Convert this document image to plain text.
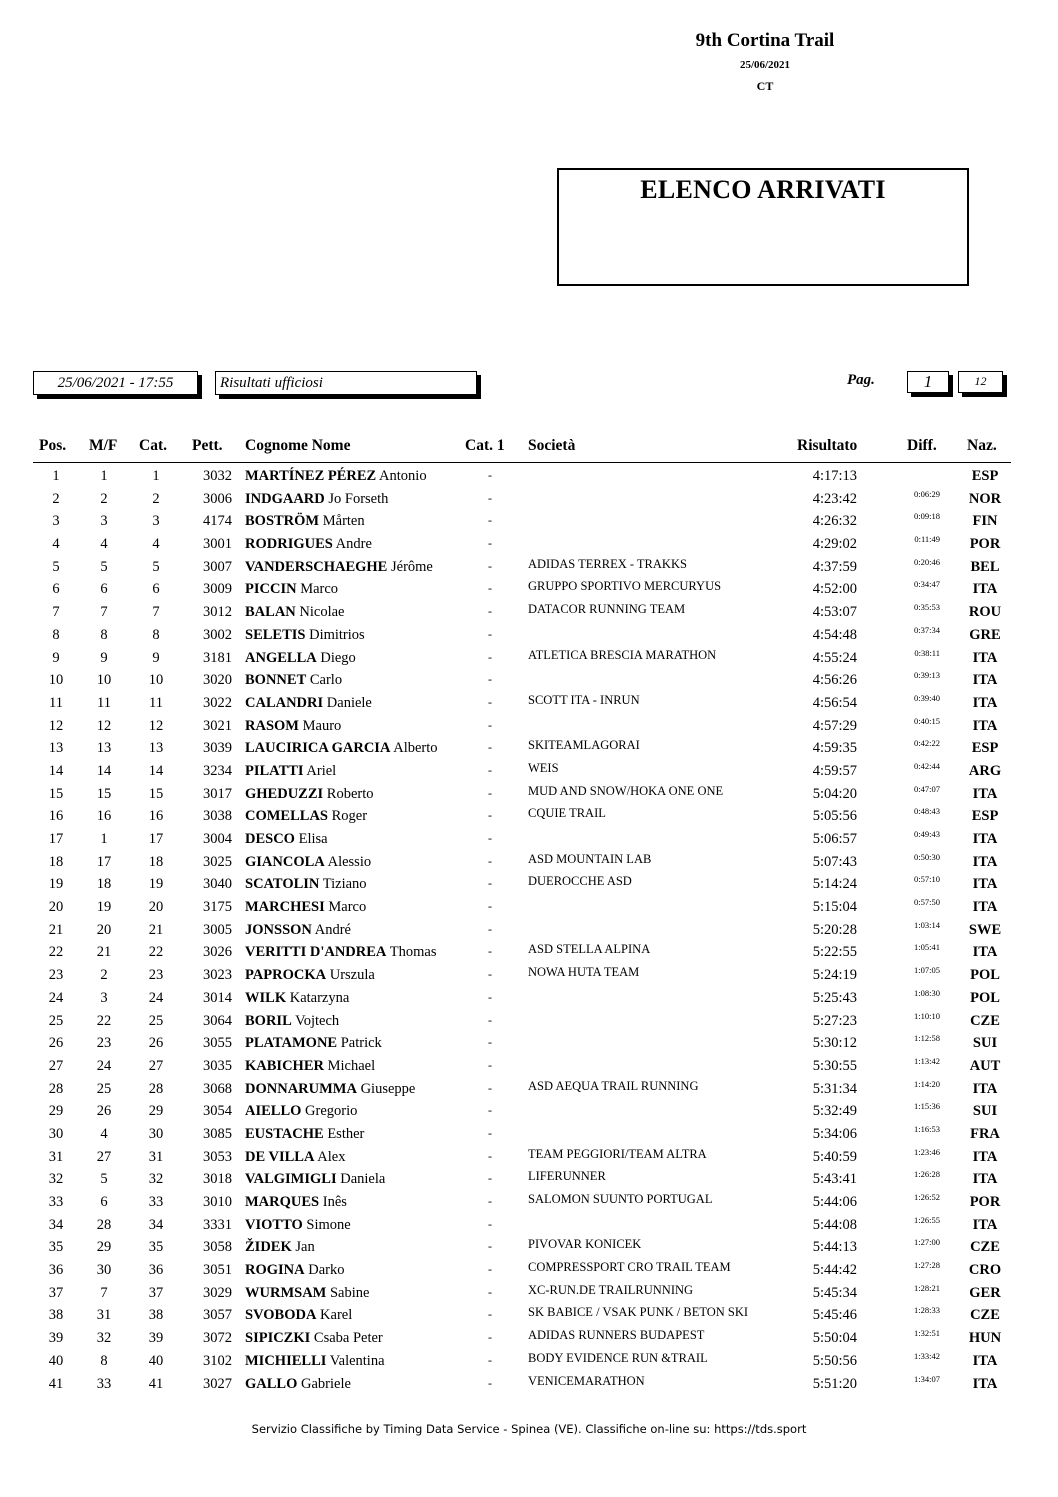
9th Cortina Trail
25/06/2021
CT
ELENCO ARRIVATI
25/06/2021 - 17:55	Risultati ufficiosi	Pag.	1	12
Pos. M/F Cat. Pett. Cognome Nome	Cat. 1 Società	Risultato	Diff. Naz.
1	1	1	3032 MARTÍNEZ PÉREZ Antonio	-	4:17:13	ESP
2	2	2	3006 INDGAARD Jo Forseth	-	4:23:42	0:06:29	NOR
3	3	3	4174 BOSTRÖM Mårten	-	4:26:32	0:09:18	FIN
4	4	4	3001 RODRIGUES Andre	-	4:29:02	0:11:49	POR
5	5	5	3007 VANDERSCHAEGHE Jérôme	-	ADIDAS TERREX - TRAKKS	4:37:59	0:20:46	BEL
6	6	6	3009 PICCIN Marco	-	GRUPPO SPORTIVO MERCURYUS	4:52:00	0:34:47	ITA
7	7	7	3012 BALAN Nicolae	-	DATACOR RUNNING TEAM	4:53:07	0:35:53	ROU
8	8	8	3002 SELETIS Dimitrios	-	4:54:48	0:37:34	GRE
9	9	9	3181 ANGELLA Diego	-	ATLETICA BRESCIA MARATHON	4:55:24	0:38:11	ITA
10	10	10	3020 BONNET Carlo	-	4:56:26	0:39:13	ITA
11	11	11	3022 CALANDRI Daniele	-	SCOTT ITA - INRUN	4:56:54	0:39:40	ITA
12	12	12	3021 RASOM Mauro	-	4:57:29	0:40:15	ITA
13	13	13	3039 LAUCIRICA GARCIA Alberto	-	SKITEAMLAGORAI	4:59:35	0:42:22	ESP
14	14	14	3234 PILATTI Ariel	-	WEIS	4:59:57	0:42:44	ARG
15	15	15	3017 GHEDUZZI Roberto	-	MUD AND SNOW/HOKA ONE ONE	5:04:20	0:47:07	ITA
16	16	16	3038 COMELLAS Roger	-	CQUIE TRAIL	5:05:56	0:48:43	ESP
17	1	17	3004 DESCO Elisa	-	5:06:57	0:49:43	ITA
18	17	18	3025 GIANCOLA Alessio	-	ASD MOUNTAIN LAB	5:07:43	0:50:30	ITA
19	18	19	3040 SCATOLIN Tiziano	-	DUEROCCHE ASD	5:14:24	0:57:10	ITA
20	19	20	3175 MARCHESI Marco	-	5:15:04	0:57:50	ITA
21	20	21	3005 JONSSON André	-	5:20:28	1:03:14	SWE
22	21	22	3026 VERITTI D'ANDREA Thomas	-	ASD STELLA ALPINA	5:22:55	1:05:41	ITA
23	2	23	3023 PAPROCKA Urszula	-	NOWA HUTA TEAM	5:24:19	1:07:05	POL
24	3	24	3014 WILK Katarzyna	-	5:25:43	1:08:30	POL
25	22	25	3064 BORIL Vojtech	-	5:27:23	1:10:10	CZE
26	23	26	3055 PLATAMONE Patrick	-	5:30:12	1:12:58	SUI
27	24	27	3035 KABICHER Michael	-	5:30:55	1:13:42	AUT
28	25	28	3068 DONNARUMMA Giuseppe	-	ASD AEQUA TRAIL RUNNING	5:31:34	1:14:20	ITA
29	26	29	3054 AIELLO Gregorio	-	5:32:49	1:15:36	SUI
30	4	30	3085 EUSTACHE Esther	-	5:34:06	1:16:53	FRA
31	27	31	3053 DE VILLA Alex	-	TEAM PEGGIORI/TEAM ALTRA	5:40:59	1:23:46	ITA
32	5	32	3018 VALGIMIGLI Daniela	-	LIFERUNNER	5:43:41	1:26:28	ITA
33	6	33	3010 MARQUES Inês	-	SALOMON SUUNTO PORTUGAL	5:44:06	1:26:52	POR
34	28	34	3331 VIOTTO Simone	-	5:44:08	1:26:55	ITA
35	29	35	3058 ŽIDEK Jan	-	PIVOVAR KONICEK	5:44:13	1:27:00	CZE
36	30	36	3051 ROGINA Darko	-	COMPRESSPORT CRO TRAIL TEAM	5:44:42	1:27:28	CRO
37	7	37	3029 WURMSAM Sabine	-	XC-RUN.DE TRAILRUNNING	5:45:34	1:28:21	GER
38	31	38	3057 SVOBODA Karel	-	SK BABICE / VSAK PUNK / BETON SKI	5:45:46	1:28:33	CZE
39	32	39	3072 SIPICZKI Csaba Peter	-	ADIDAS RUNNERS BUDAPEST	5:50:04	1:32:51	HUN
40	8	40	3102 MICHIELLI Valentina	-	BODY EVIDENCE RUN &TRAIL	5:50:56	1:33:42	ITA
41	33	41	3027 GALLO Gabriele	-	VENICEMARATHON	5:51:20	1:34:07	ITA
Servizio Classifiche by Timing Data Service - Spinea (VE). Classifiche on-line su: https://tds.sport
